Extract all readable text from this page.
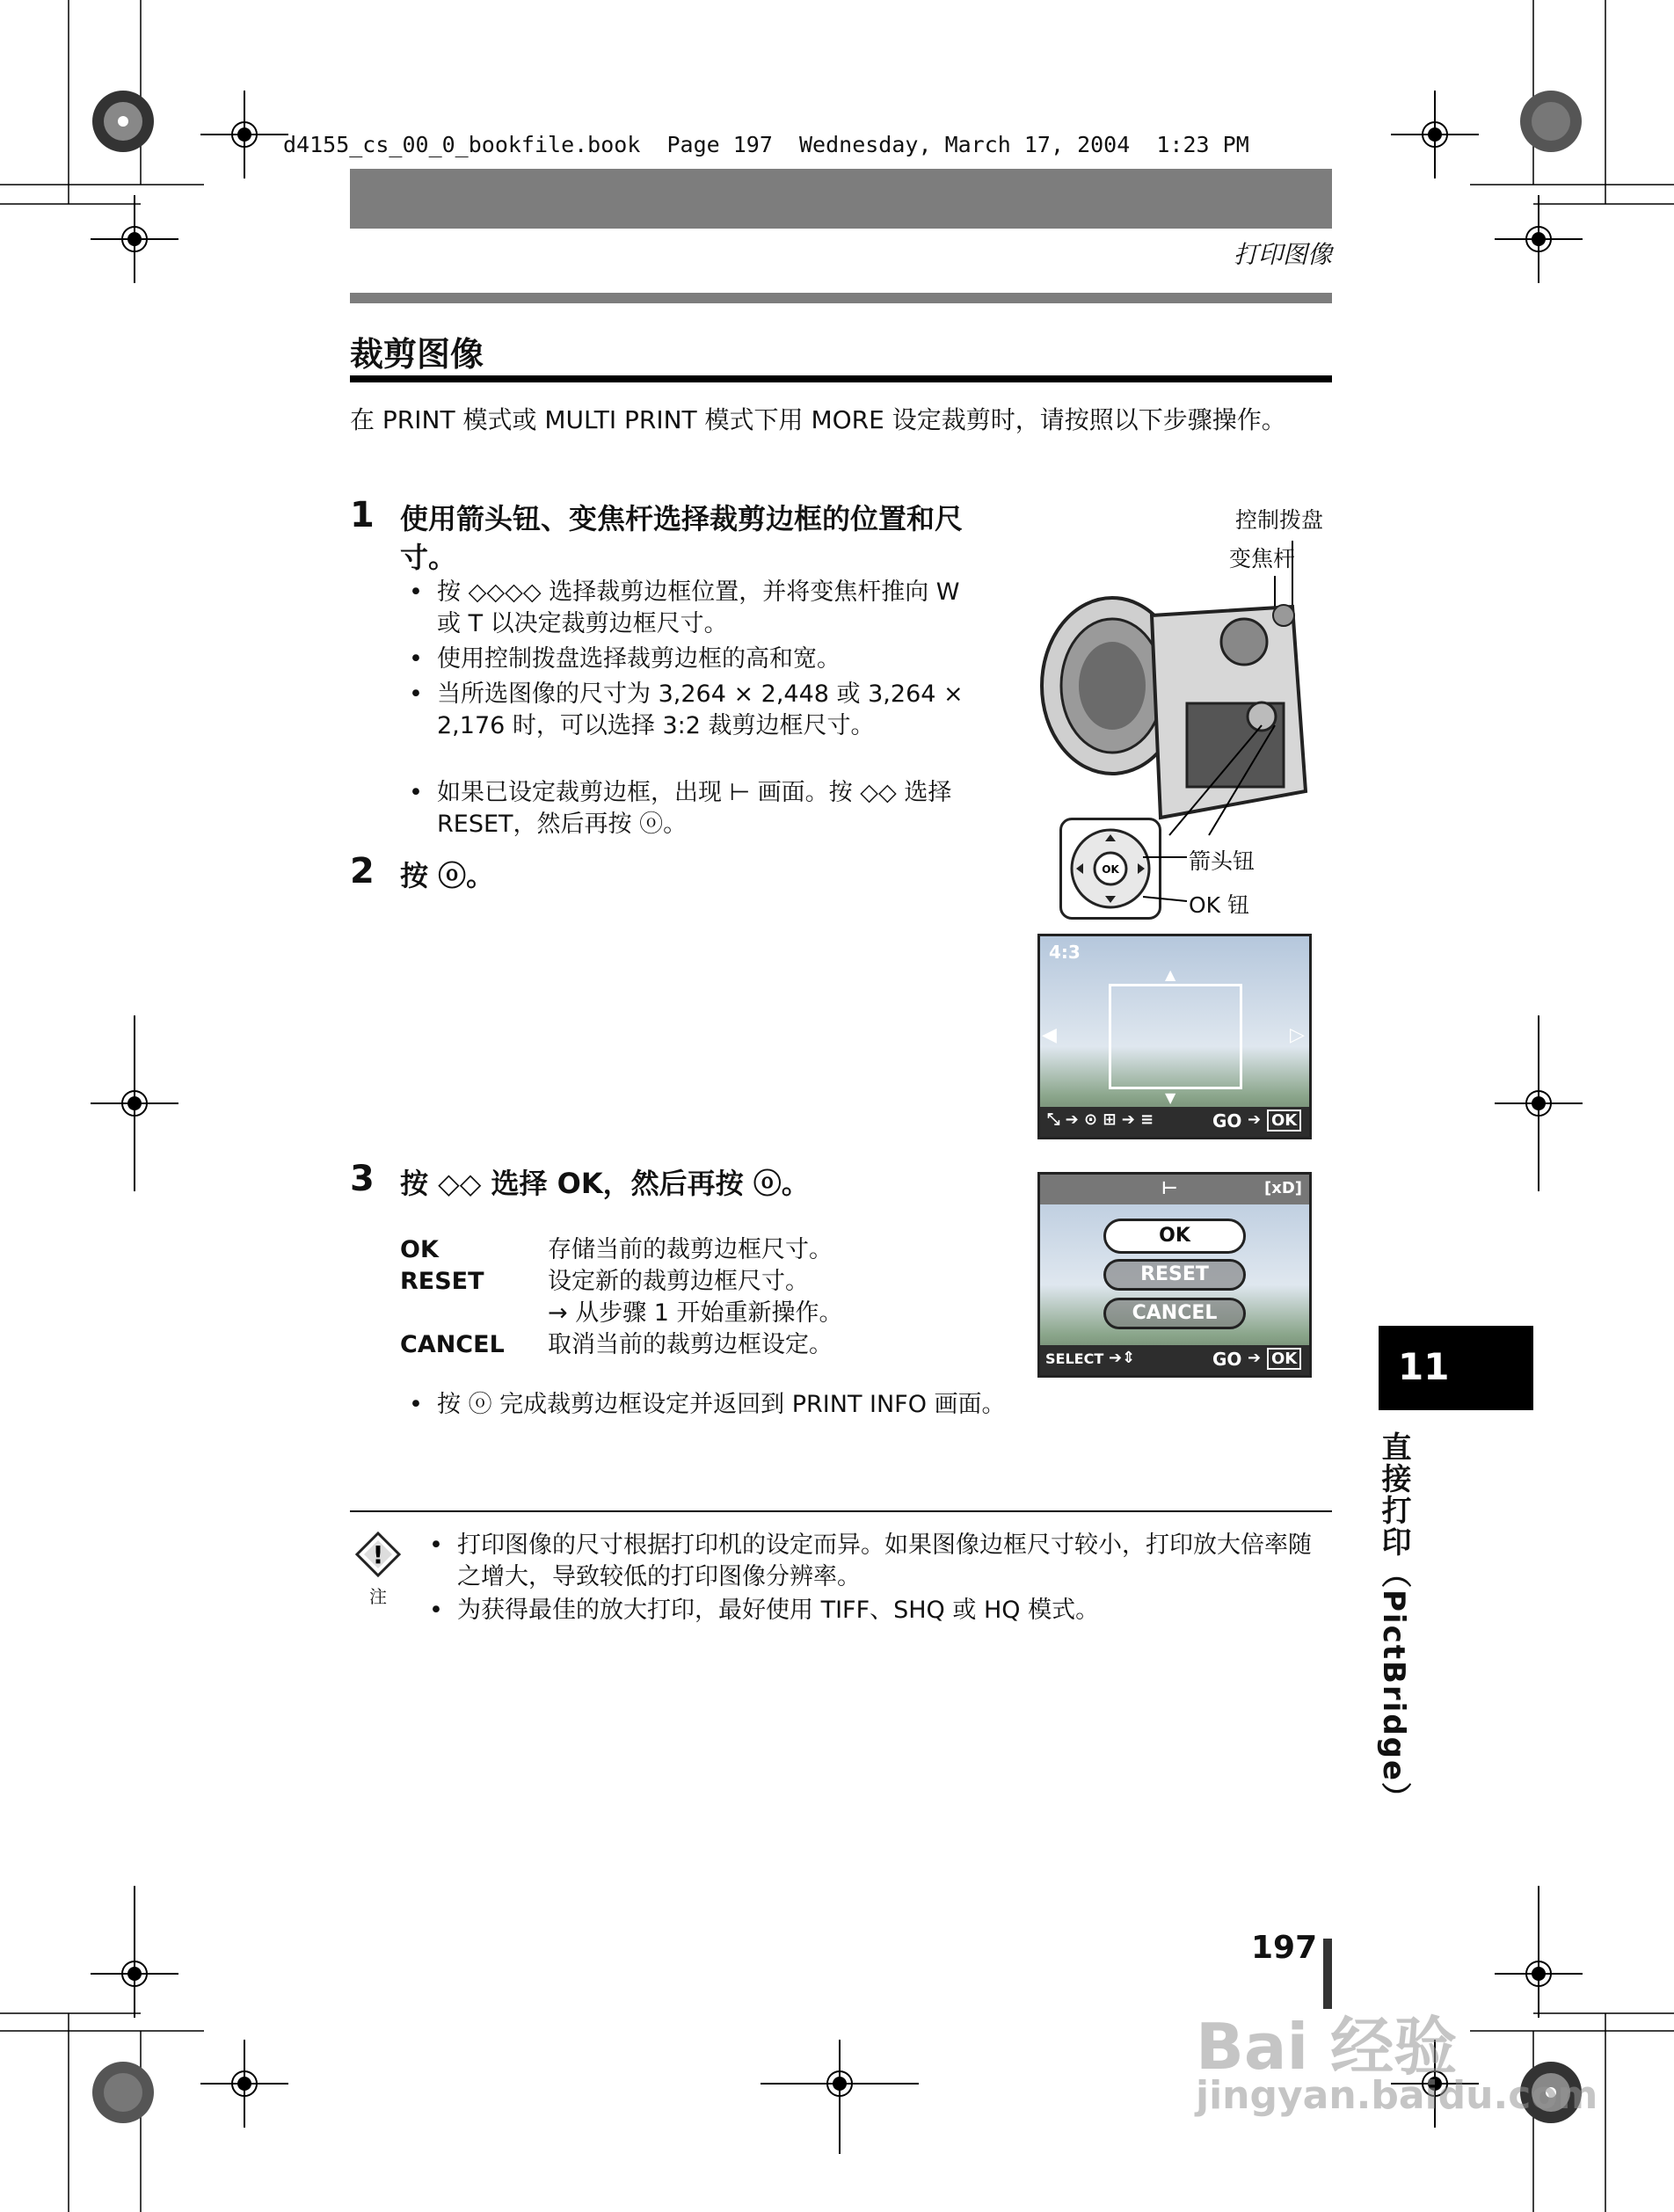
d4155_cs_00_0_bookfile.book  Page 197  Wednesday, March 17, 2004  1:23 PM
打印图像
裁剪图像
在 PRINT 模式或 MULTI PRINT 模式下用 MORE 设定裁剪时，请按照以下步骤操作。
1 使用箭头钮、变焦杆选择裁剪边框的位置和尺寸。
• 按 ◇◇◇◇ 选择裁剪边框位置，并将变焦杆推向 W 或 T 以决定裁剪边框尺寸。
• 使用控制拨盘选择裁剪边框的高和宽。
• 当所选图像的尺寸为 3,264 × 2,448 或 3,264 × 2,176 时，可以选择 3:2 裁剪边框尺寸。
• 如果已设定裁剪边框，出现 ⊢ 画面。按 ◇◇ 选择 RESET，然后再按 ⓞ。
2 按 ⓞ。
控制拨盘
变焦杆
OK	箭头钮
OK 钮
4:3
▲
▼
◀	▷
⤡ ➔ ⊙ ⊞ ➔ ≡	GO ➔ OK
3 按 ◇◇ 选择 OK，然后再按 ⓞ。
OK	存储当前的裁剪边框尺寸。
RESET	设定新的裁剪边框尺寸。
→ 从步骤 1 开始重新操作。
CANCEL	取消当前的裁剪边框设定。
⊢	[xD]
OK
RESET
CANCEL
SELECT ➔⇕	GO ➔ OK
• 按 ⓞ 完成裁剪边框设定并返回到 PRINT INFO 画面。
!
注
• 打印图像的尺寸根据打印机的设定而异。如果图像边框尺寸较小，打印放大倍率随之增大，导致较低的打印图像分辨率。
• 为获得最佳的放大打印，最好使用 TIFF、SHQ 或 HQ 模式。
11
直接打印（PictBridge）
197
Bai 经验
jingyan.baidu.com
